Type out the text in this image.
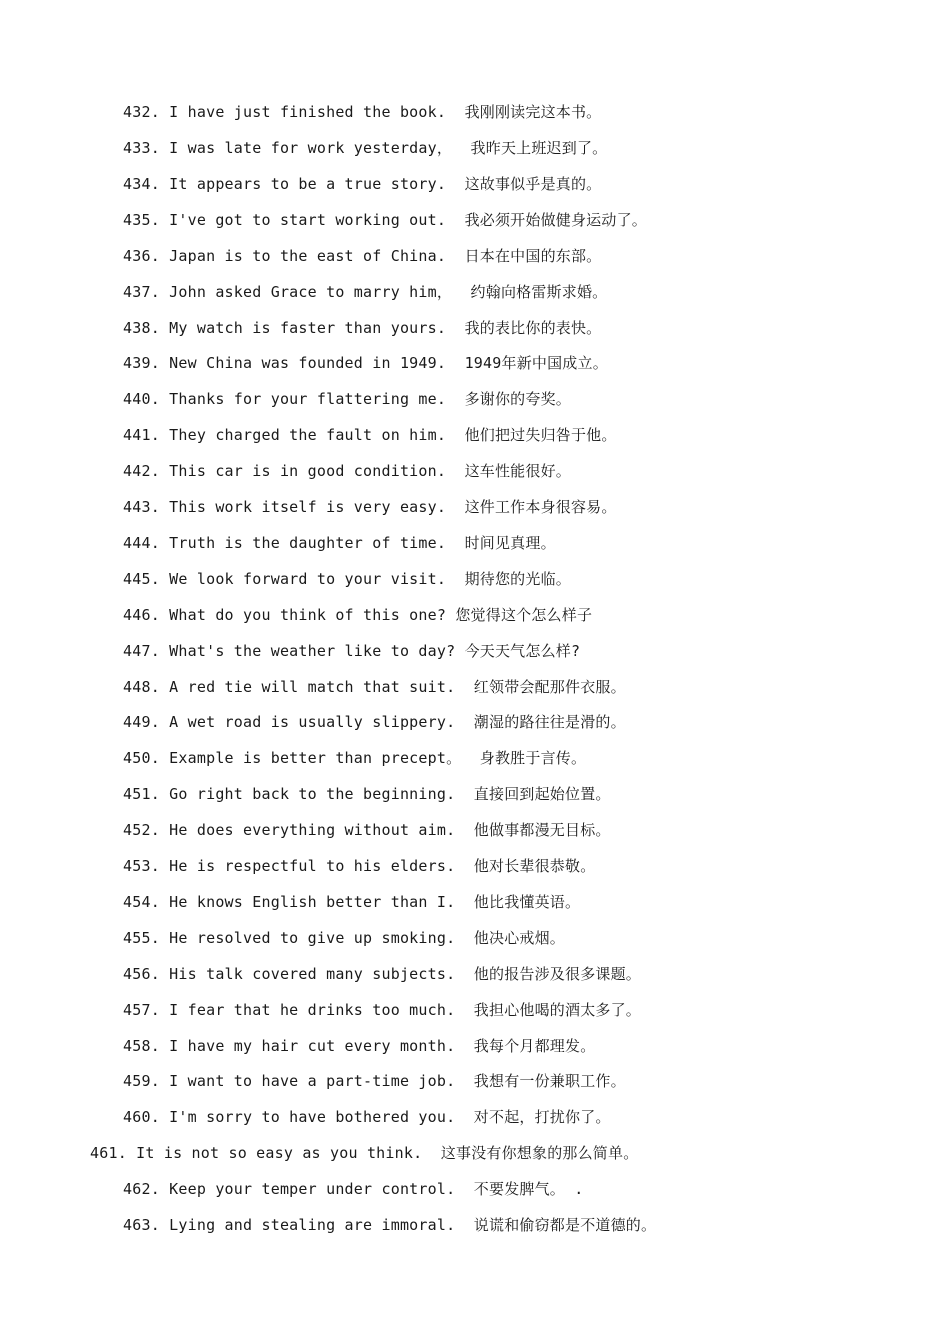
432. I have just finished the book. 我刚刚读完这本书。
433. I was late for work yesterday， 我昨天上班迟到了。
434. It appears to be a true story. 这故事似乎是真的。
435. I've got to start working out. 我必须开始做健身运动了。
436. Japan is to the east of China. 日本在中国的东部。
437. John asked Grace to marry him， 约翰向格雷斯求婚。
438. My watch is faster than yours. 我的表比你的表快。
439. New China was founded in 1949. 1949年新中国成立。
440. Thanks for your flattering me. 多谢你的夸奖。
441. They charged the fault on him. 他们把过失归咎于他。
442. This car is in good condition. 这车性能很好。
443. This work itself is very easy. 这件工作本身很容易。
444. Truth is the daughter of time. 时间见真理。
445. We look forward to your visit. 期待您的光临。
446. What do you think of this one? 您觉得这个怎么样子
447. What's the weather like to day? 今天天气怎么样?
448. A red tie will match that suit. 红领带会配那件衣服。
449. A wet road is usually slippery. 潮湿的路往往是滑的。
450. Example is better than precept。 身教胜于言传。
451. Go right back to the beginning. 直接回到起始位置。
452. He does everything without aim. 他做事都漫无目标。
453. He is respectful to his elders. 他对长辈很恭敬。
454. He knows English better than I. 他比我懂英语。
455. He resolved to give up smoking. 他决心戒烟。
456. His talk covered many subjects. 他的报告涉及很多课题。
457. I fear that he drinks too much. 我担心他喝的酒太多了。
458. I have my hair cut every month. 我每个月都理发。
459. I want to have a part-time job. 我想有一份兼职工作。
460. I'm sorry to have bothered you. 对不起，打扰你了。
461. It is not so easy as you think. 这事没有你想象的那么简单。
462. Keep your temper under control. 不要发脾气。 .
463. Lying and stealing are immoral. 说谎和偷窃都是不道德的。
